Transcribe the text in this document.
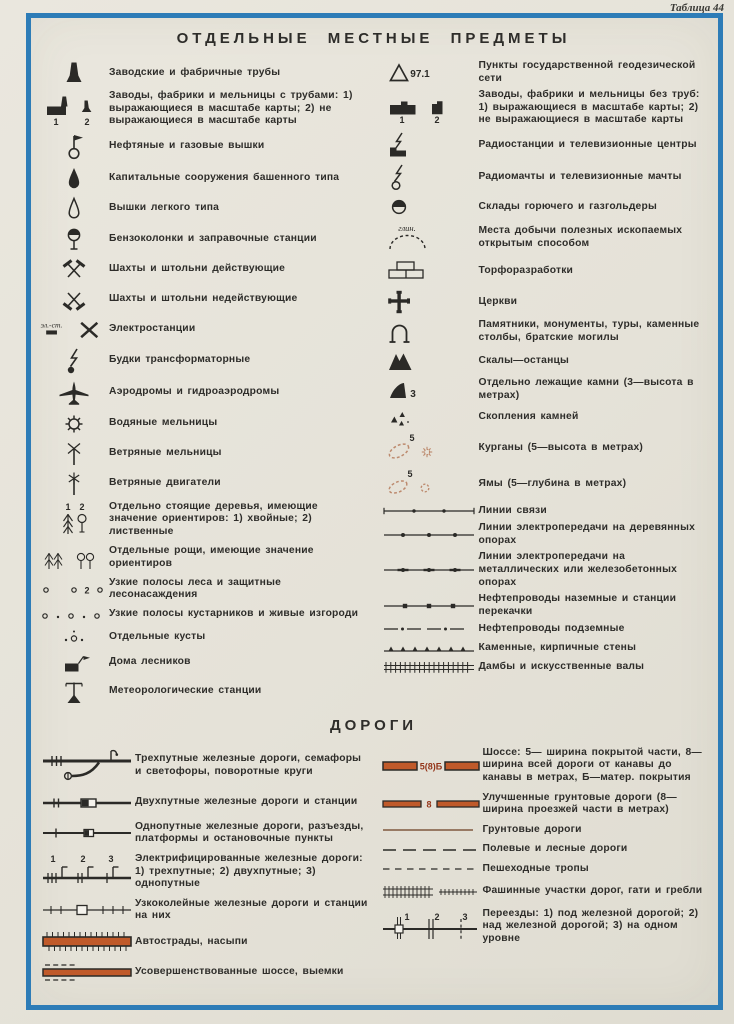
Таблица 44
ОТДЕЛЬНЫЕ МЕСТНЫЕ ПРЕДМЕТЫ
Заводские и фабричные трубы
1	2
Заводы, фабрики и мельницы с трубами: 1) выражающиеся в масштабе карты; 2) не выражающиеся в масштабе карты
Нефтяные и газовые вышки
Капитальные сооружения башенного типа
Вышки легкого типа
Бензоколонки и заправочные станции
Шахты и штольни действующие
Шахты и штольни недействующие
эл.-ст.	Электростанции
Будки трансформаторные
Аэродромы и гидроаэродромы
Водяные мельницы
Ветряные мельницы
Ветряные двигатели
1 2 Отдельно стоящие деревья, имеющие значение ориентиров: 1) хвойные; 2) лиственные
Отдельные рощи, имеющие значение ориентиров
2
Узкие полосы леса и защитные лесонасаждения
Узкие полосы кустарников и живые изгороди
Отдельные кусты
Дома лесников
Метеорологические станции
97.1
Пункты государственной геодезической сети
1	2
Заводы, фабрики и мельницы без труб: 1) выражающиеся в масштабе карты; 2) не выражающиеся в масштабе карты
Радиостанции и телевизионные центры
Радиомачты и телевизионные мачты
Склады горючего и газгольдеры
глин.	Места добычи полезных ископаемых открытым способом
Торфоразработки
Церкви
Памятники, монументы, туры, каменные столбы, братские могилы
Скалы—останцы
3
Отдельно лежащие камни (3—высота в метрах)
Скопления камней
5
Курганы (5—высота в метрах)
5
Ямы (5—глубина в метрах)
Линии связи
Линии электропередачи на деревянных опорах
Линии электропередачи на металлических или железобетонных опорах
Нефтепроводы наземные и станции перекачки
Нефтепроводы подземные
Каменные, кирпичные стены
Дамбы и искусственные валы
ДОРОГИ
Трехпутные железные дороги, семафоры и светофоры, поворотные круги
Двухпутные железные дороги и станции
Однопутные железные дороги, разъезды, платформы и остановочные пункты
1	2	3 Электрифицированные железные дороги: 1) трехпутные; 2) двухпутные; 3) однопутные
Узкоколейные железные дороги и станции на них
Автострады, насыпи
Усовершенствованные шоссе, выемки
5(8)Б
Шоссе: 5— ширина покрытой части, 8—ширина всей дороги от канавы до канавы в метрах, Б—матер. покрытия
8
Улучшенные грунтовые дороги (8— ширина проезжей части в метрах)
Грунтовые дороги
Полевые и лесные дороги
Пешеходные тропы
Фашинные участки дорог, гати и гребли
1	2	3 Переезды: 1) под железной дорогой; 2) над железной дорогой; 3) на одном уровне
